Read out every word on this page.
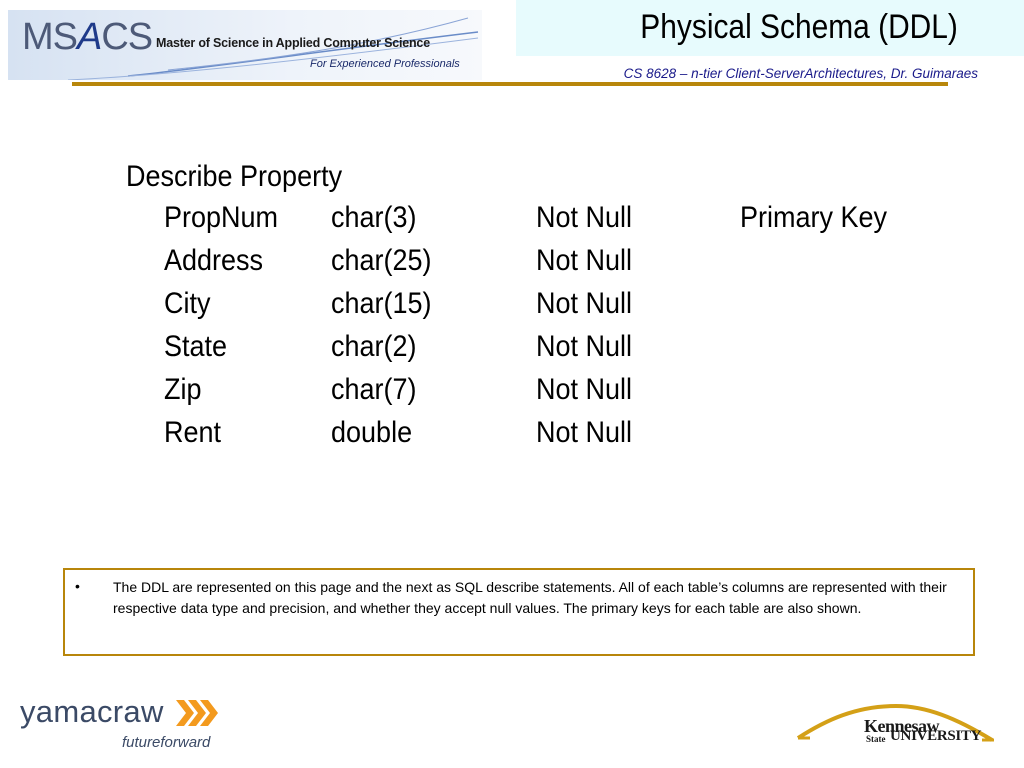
MSACS Master of Science in Applied Computer Science
For Experienced Professionals
Physical Schema (DDL)
CS 8628 – n-tier Client-ServerArchitectures, Dr. Guimaraes
Describe Property
PropNum char(3)	Not Null	Primary Key
Address char(25)	Not Null
City	char(15)	Not Null
State	char(2)	Not Null
Zip	char(7)	Not Null
Rent	double	Not Null
• The DDL are represented on this page and the next as SQL describe statements. All of each table’s columns are represented with their respective data type and precision, and whether they accept null values. The primary keys for each table are also shown.
yamacraw
futureforward
Kennesaw
State UNIVERSITY
